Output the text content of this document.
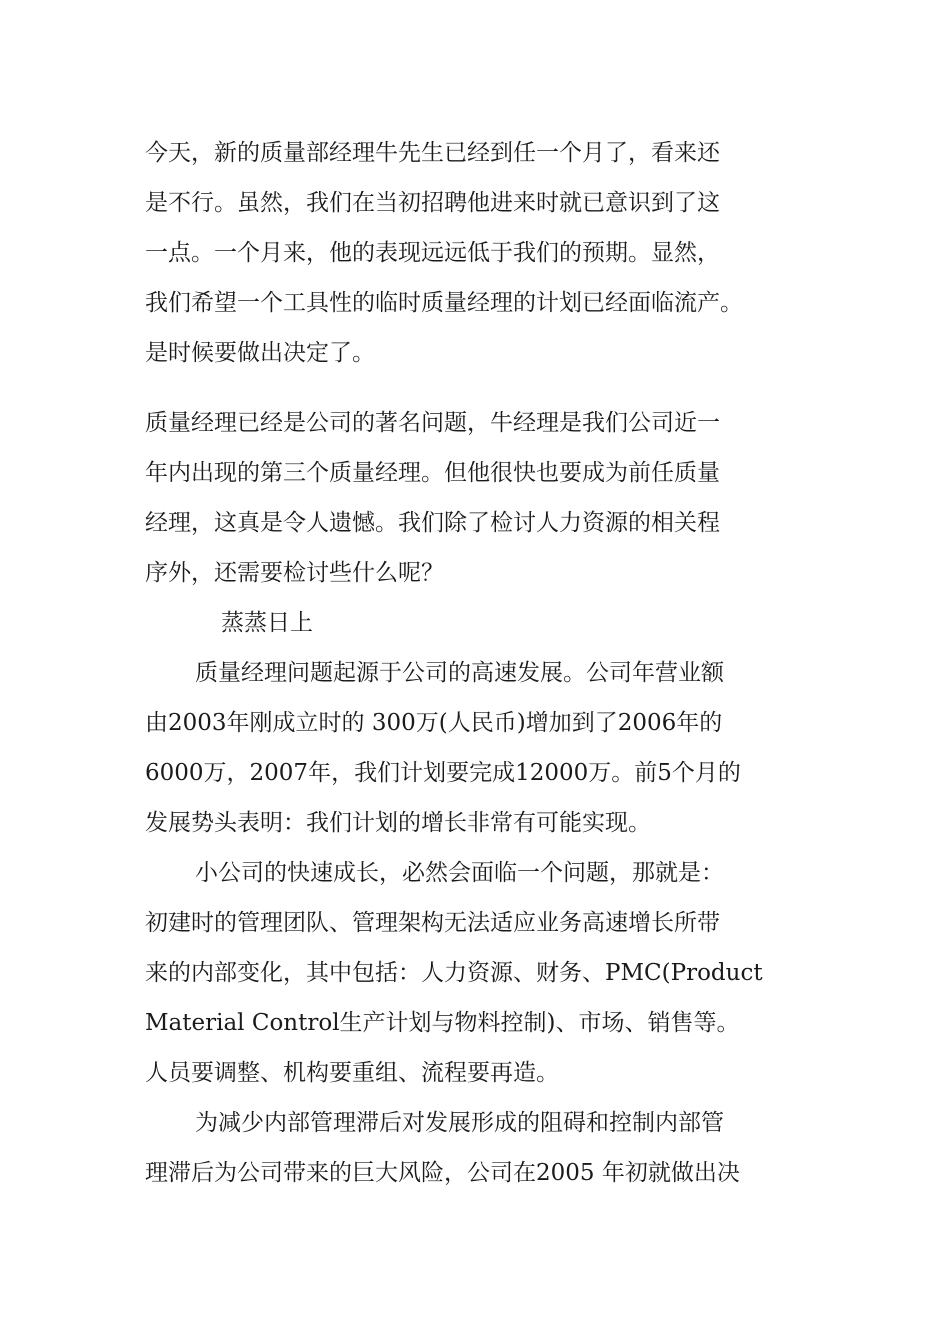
今天，新的质量部经理牛先生已经到任一个月了，看来还
是不行。虽然，我们在当初招聘他进来时就已意识到了这
一点。一个月来，他的表现远远低于我们的预期。显然，
我们希望一个工具性的临时质量经理的计划已经面临流产。
是时候要做出决定了。
质量经理已经是公司的著名问题，牛经理是我们公司近一
年内出现的第三个质量经理。但他很快也要成为前任质量
经理，这真是令人遗憾。我们除了检讨人力资源的相关程
序外，还需要检讨些什么呢？
蒸蒸日上
质量经理问题起源于公司的高速发展。公司年营业额
由2003年刚成立时的 300万(人民币)增加到了2006年的
6000万，2007年，我们计划要完成12000万。前5个月的
发展势头表明：我们计划的增长非常有可能实现。
小公司的快速成长，必然会面临一个问题，那就是：
初建时的管理团队、管理架构无法适应业务高速增长所带
来的内部变化，其中包括：人力资源、财务、PMC(Product
Material Control生产计划与物料控制)、市场、销售等。
人员要调整、机构要重组、流程要再造。
为减少内部管理滞后对发展形成的阻碍和控制内部管
理滞后为公司带来的巨大风险，公司在2005 年初就做出决
